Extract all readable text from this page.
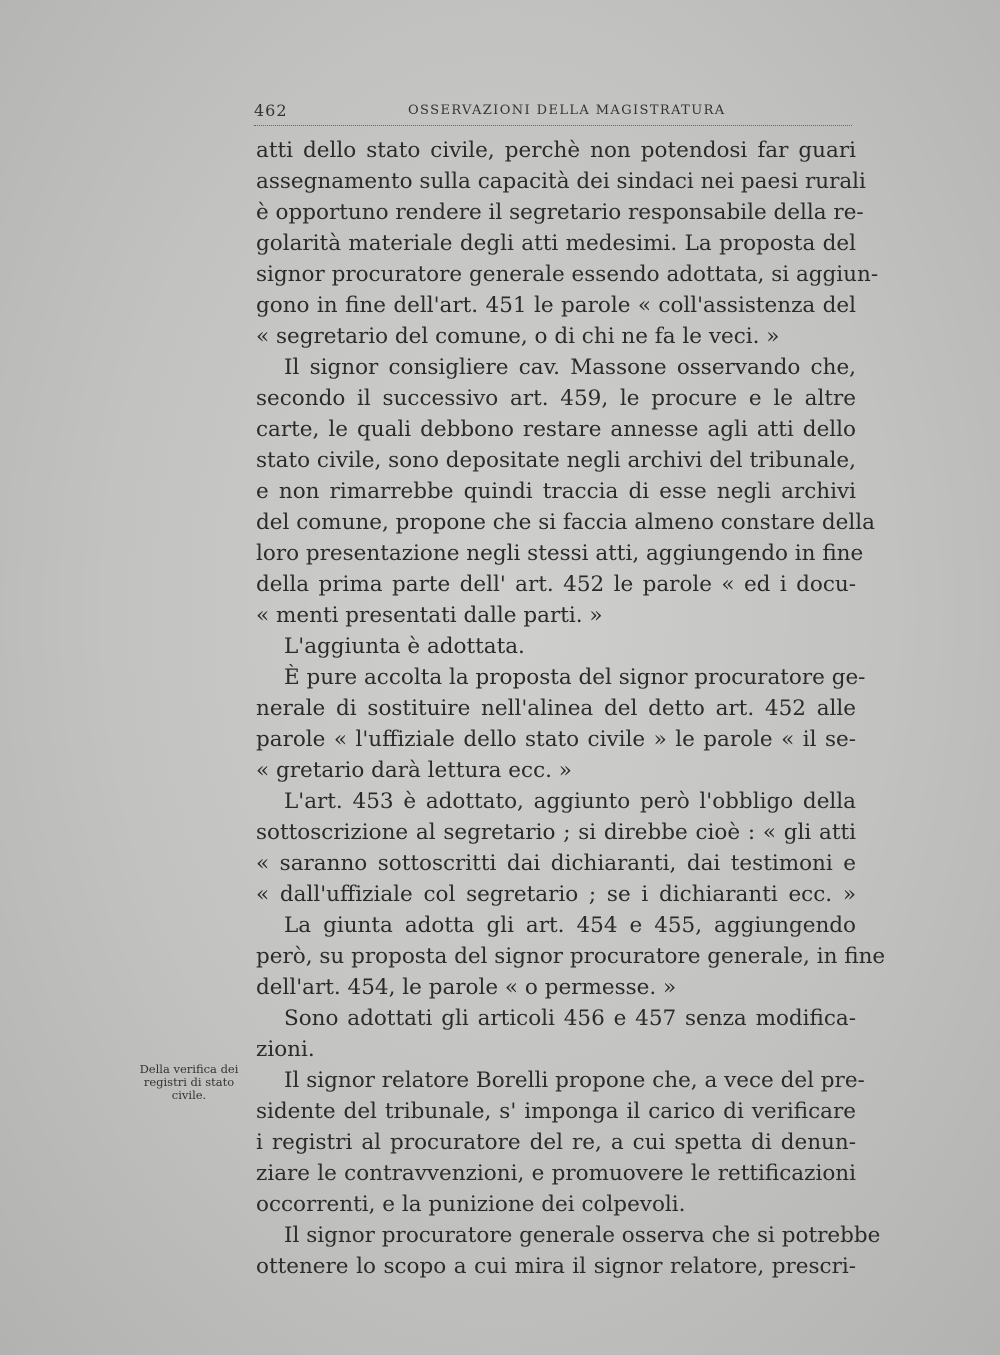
462	OSSERVAZIONI DELLA MAGISTRATURA
Della verifica dei
registri di stato
civile.
atti dello stato civile, perchè non potendosi far guari
assegnamento sulla capacità dei sindaci nei paesi rurali
è opportuno rendere il segretario responsabile della re-
golarità materiale degli atti medesimi. La proposta del
signor procuratore generale essendo adottata, si aggiun-
gono in fine dell'art. 451 le parole « coll'assistenza del
« segretario del comune, o di chi ne fa le veci. »
Il signor consigliere cav. Massone osservando che,
secondo il successivo art. 459, le procure e le altre
carte, le quali debbono restare annesse agli atti dello
stato civile, sono depositate negli archivi del tribunale,
e non rimarrebbe quindi traccia di esse negli archivi
del comune, propone che si faccia almeno constare della
loro presentazione negli stessi atti, aggiungendo in fine
della prima parte dell' art. 452 le parole « ed i docu-
« menti presentati dalle parti. »
L'aggiunta è adottata.
È pure accolta la proposta del signor procuratore ge-
nerale di sostituire nell'alinea del detto art. 452 alle
parole « l'uffiziale dello stato civile » le parole « il se-
« gretario darà lettura ecc. »
L'art. 453 è adottato, aggiunto però l'obbligo della
sottoscrizione al segretario ; si direbbe cioè : « gli atti
« saranno sottoscritti dai dichiaranti, dai testimoni e
« dall'uffiziale col segretario ; se i dichiaranti ecc. »
La giunta adotta gli art. 454 e 455, aggiungendo
però, su proposta del signor procuratore generale, in fine
dell'art. 454, le parole « o permesse. »
Sono adottati gli articoli 456 e 457 senza modifica-
zioni.
Il signor relatore Borelli propone che, a vece del pre-
sidente del tribunale, s' imponga il carico di verificare
i registri al procuratore del re, a cui spetta di denun-
ziare le contravvenzioni, e promuovere le rettificazioni
occorrenti, e la punizione dei colpevoli.
Il signor procuratore generale osserva che si potrebbe
ottenere lo scopo a cui mira il signor relatore, prescri-
